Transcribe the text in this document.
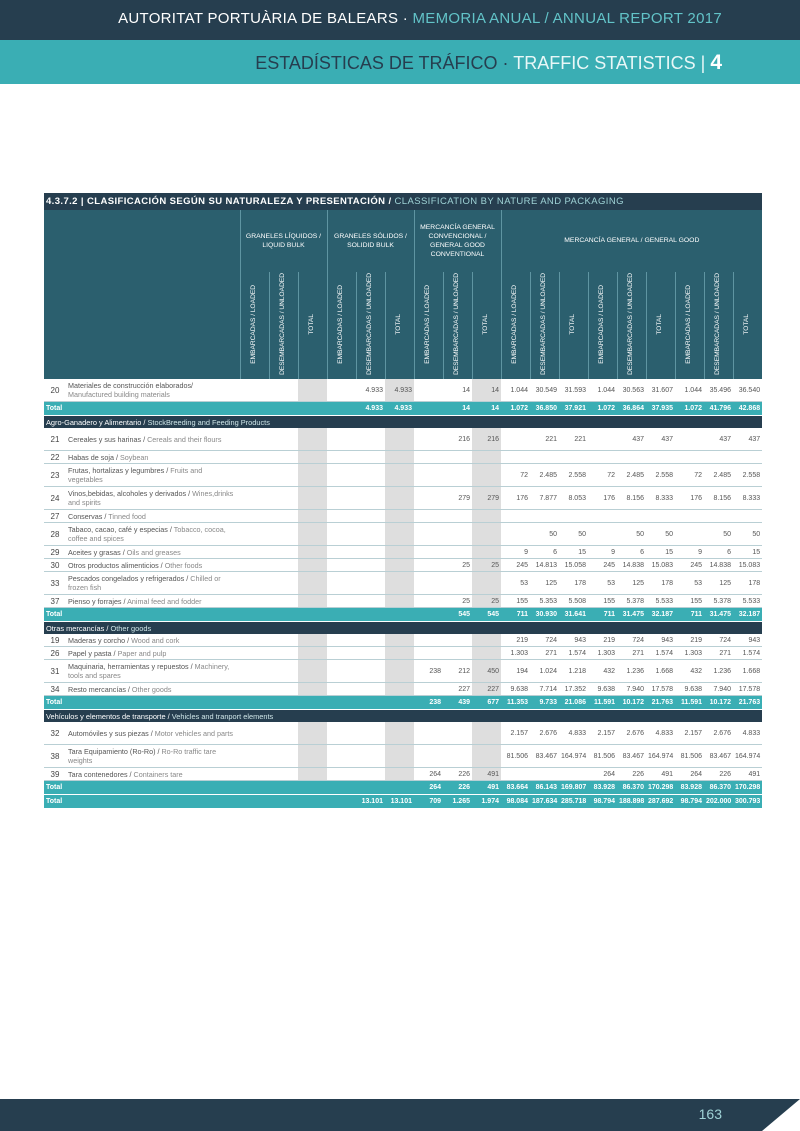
AUTORITAT PORTUÀRIA DE BALEARS · MEMORIA ANUAL / ANNUAL REPORT 2017
ESTADÍSTICAS DE TRÁFICO · TRAFFIC STATISTICS | 4
4.3.7.2 | CLASIFICACIÓN SEGÚN SU NATURALEZA Y PRESENTACIÓN / CLASSIFICATION BY NATURE AND PACKAGING																				
			GRANELES LÍQUIDOS / LIQUID BULK			GRANELES SÓLIDOS / SOLIDID BULK			MERCANCÍA GENERAL CONVENCIONAL / GENERAL GOOD CONVENTIONAL			MERCANCÍA GENERAL / GENERAL GOOD								
			EMBARCADAS / LOADED	DESEMBARCADAS / UNLOADED	TOTAL	EMBARCADAS / LOADED	DESEMBARCADAS / UNLOADED	TOTAL	EMBARCADAS / LOADED	DESEMBARCADAS / UNLOADED	TOTAL	EMBARCADAS / LOADED	DESEMBARCADAS / UNLOADED	TOTAL	EMBARCADAS / LOADED	DESEMBARCADAS / UNLOADED	TOTAL	EMBARCADAS / LOADED	DESEMBARCADAS / UNLOADED	TOTAL
20	Materiales de construcción elaborados/ Manufactured building materials						4.933	4.933		14	14	1.044	30.549	31.593	1.044	30.563	31.607	1.044	35.496	36.540
Total							4.933	4.933		14	14	1.072	36.850	37.921	1.072	36.864	37.935	1.072	41.796	42.868
Agro-Ganadero y Alimentario / StockBreeding and Feeding Products																				
21	Cereales y sus harinas / Cereals and their flours									216	216		221	221		437	437		437	437
22	Habas de soja / Soybean																			
23	Frutas, hortalizas y legumbres / Fruits and vegetables											72	2.485	2.558	72	2.485	2.558	72	2.485	2.558
24	Vinos,bebidas, alcoholes y derivados / Wines,drinks and spirits									279	279	176	7.877	8.053	176	8.156	8.333	176	8.156	8.333
27	Conservas / Tinned food																			
28	Tabaco, cacao, café y especias / Tobacco, cocoa, coffee and spices												50	50		50	50		50	50
29	Aceites y grasas / Oils and greases											9	6	15	9	6	15	9	6	15
30	Otros productos alimenticios / Other foods									25	25	245	14.813	15.058	245	14.838	15.083	245	14.838	15.083
33	Pescados congelados y refrigerados / Chilled or frozen fish											53	125	178	53	125	178	53	125	178
37	Pienso y forrajes / Animal feed and fodder									25	25	155	5.353	5.508	155	5.378	5.533	155	5.378	5.533
Total										545	545	711	30.930	31.641	711	31.475	32.187	711	31.475	32.187
Otras mercancías / Other goods																				
19	Maderas y corcho / Wood and cork											219	724	943	219	724	943	219	724	943
26	Papel y pasta / Paper and pulp											1.303	271	1.574	1.303	271	1.574	1.303	271	1.574
31	Maquinaria, herramientas y repuestos / Machinery, tools and spares								238	212	450	194	1.024	1.218	432	1.236	1.668	432	1.236	1.668
34	Resto mercancías / Other goods									227	227	9.638	7.714	17.352	9.638	7.940	17.578	9.638	7.940	17.578
Total									238	439	677	11.353	9.733	21.086	11.591	10.172	21.763	11.591	10.172	21.763
Vehículos y elementos de transporte / Vehicles and tranport elements																				
32	Automóviles y sus piezas / Motor vehicles and parts											2.157	2.676	4.833	2.157	2.676	4.833	2.157	2.676	4.833
38	Tara Equipamiento (Ro-Ro) / Ro-Ro traffic tare weights											81.506	83.467	164.974	81.506	83.467	164.974	81.506	83.467	164.974
39	Tara contenedores / Containers tare								264	226	491				264	226	491	264	226	491
Total									264	226	491	83.664	86.143	169.807	83.928	86.370	170.298	83.928	86.370	170.298
Total							13.101	13.101	709	1.265	1.974	98.084	187.634	285.718	98.794	188.898	287.692	98.794	202.000	300.793
163
